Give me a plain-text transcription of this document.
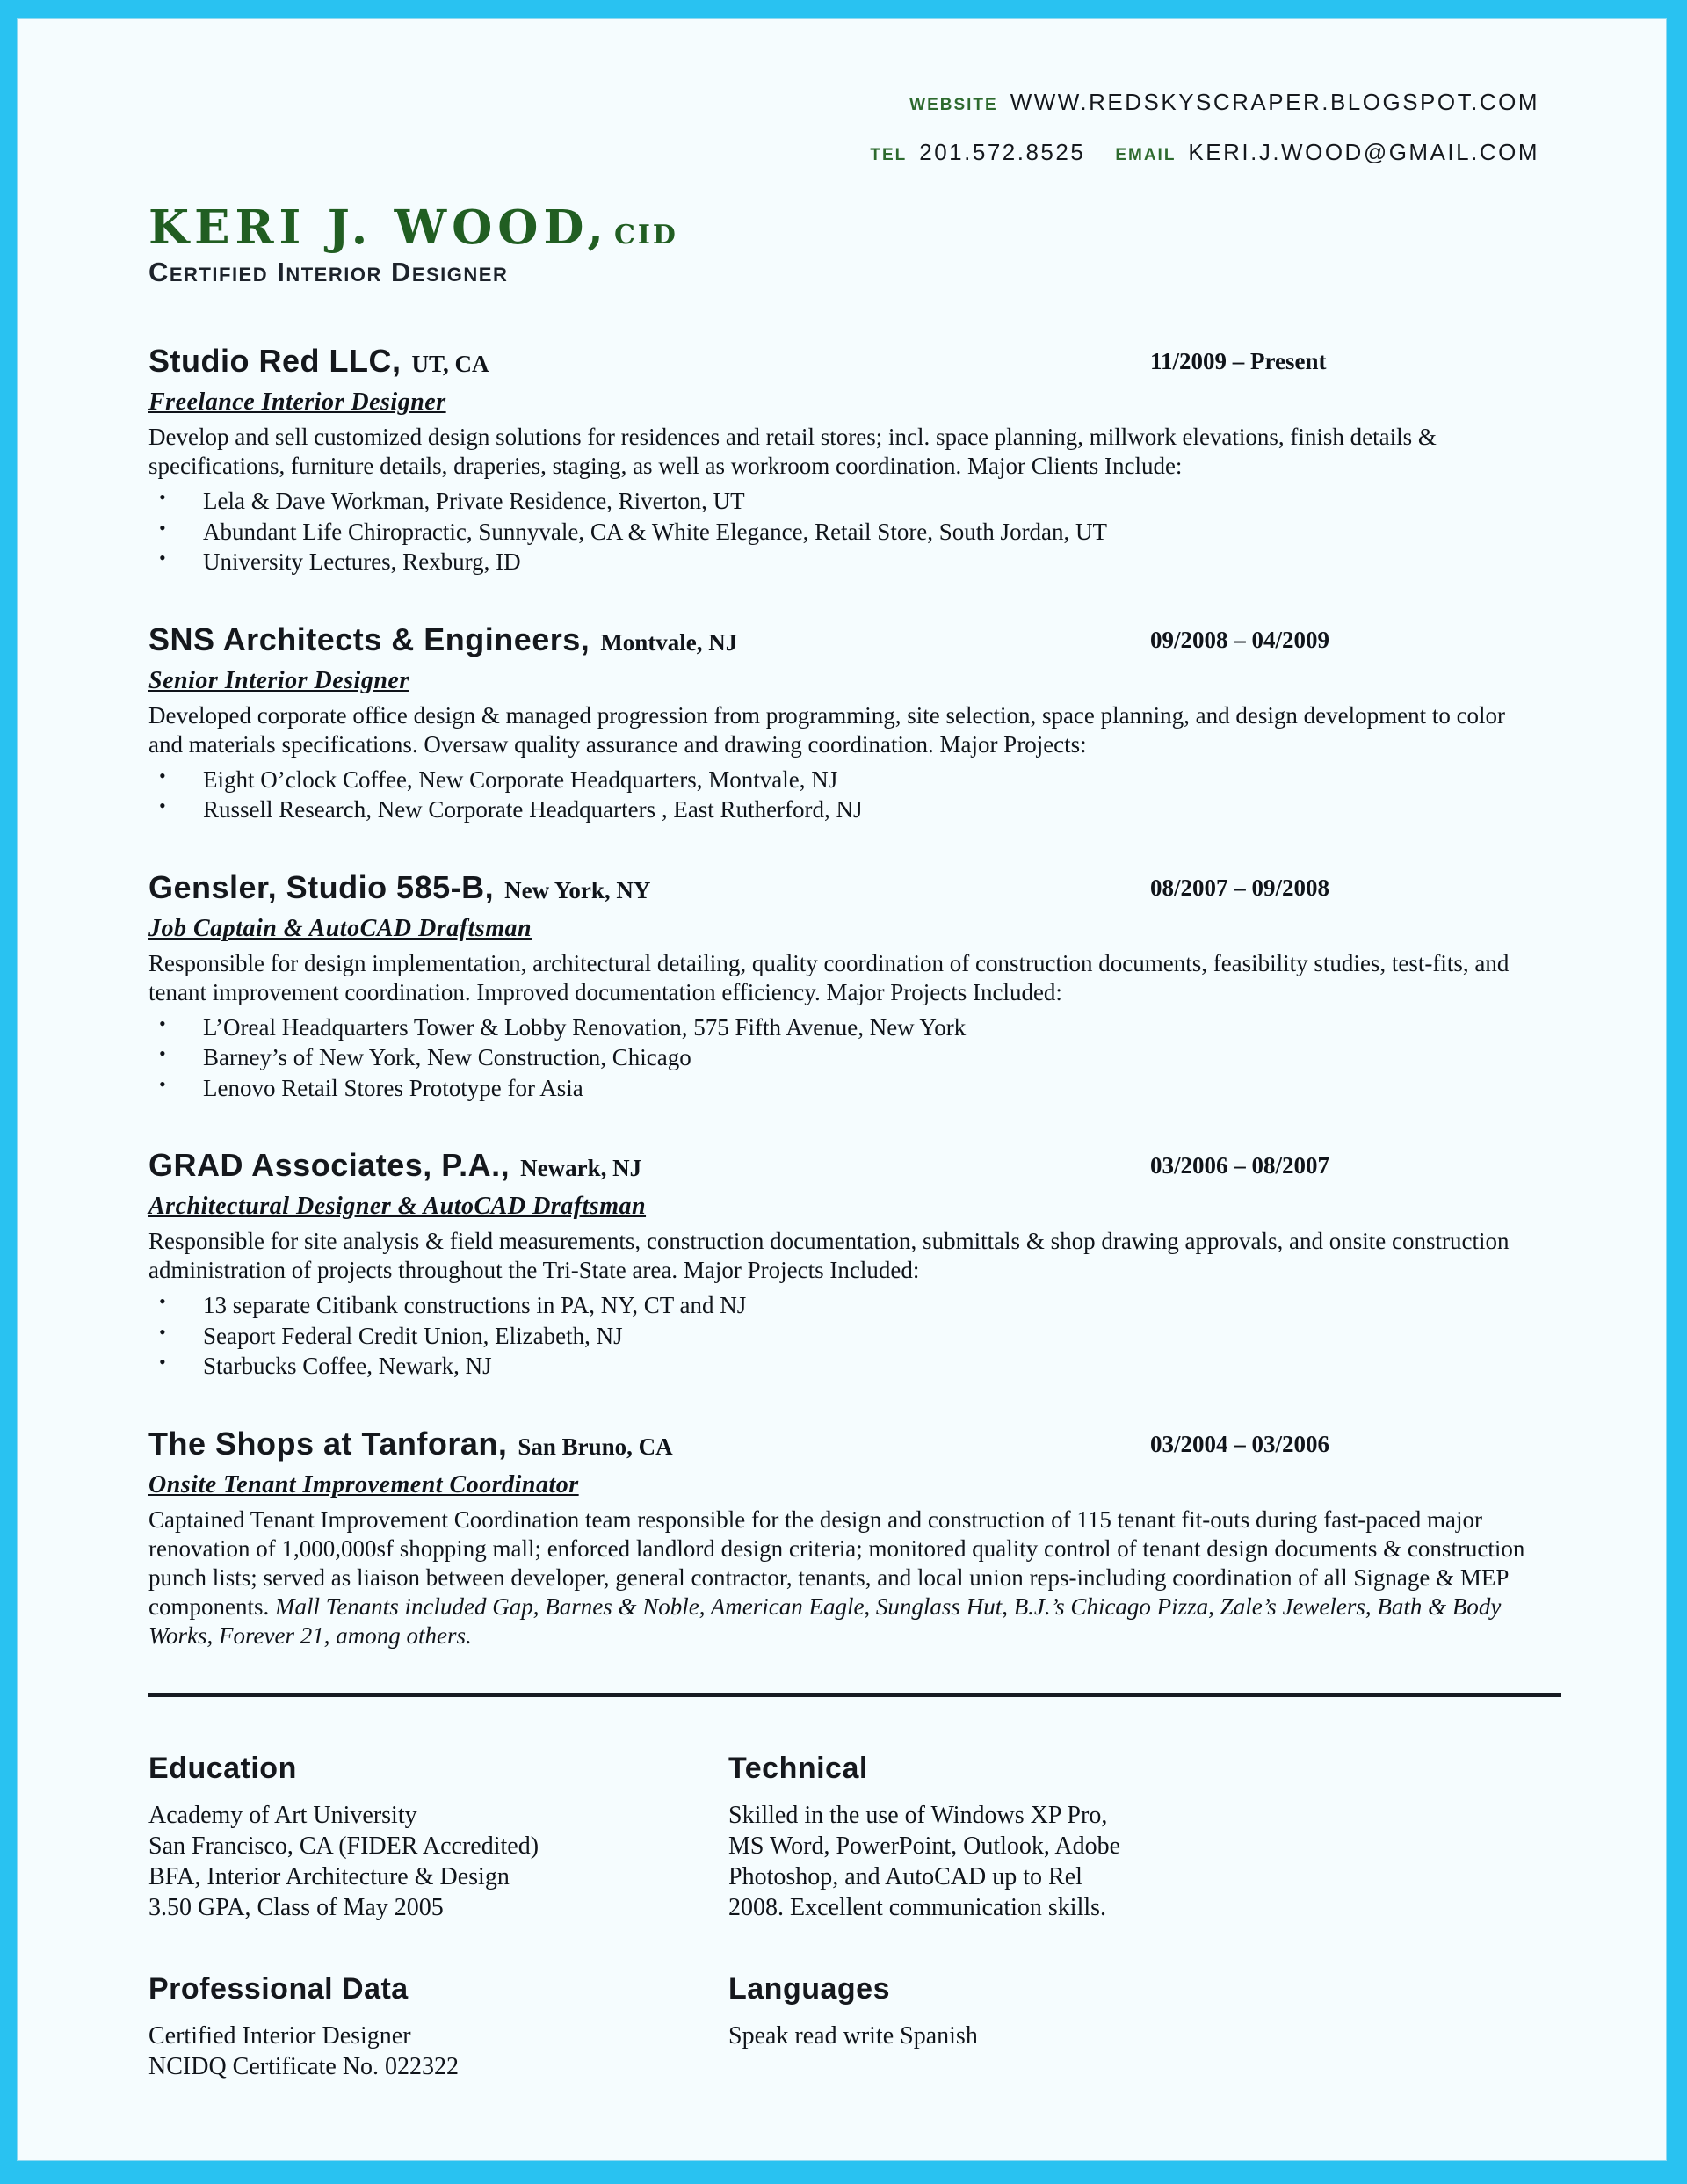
WEBSITE WWW.REDSKYSCRAPER.BLOGSPOT.COM
TEL 201.572.8525 EMAIL KERI.J.WOOD@GMAIL.COM
KERI J. WOOD, CID
Certified Interior Designer
Studio Red LLC, UT, CA	11/2009 – Present
Freelance Interior Designer
Develop and sell customized design solutions for residences and retail stores; incl. space planning, millwork elevations, finish details & specifications, furniture details, draperies, staging, as well as workroom coordination. Major Clients Include:
• Lela & Dave Workman, Private Residence, Riverton, UT
• Abundant Life Chiropractic, Sunnyvale, CA & White Elegance, Retail Store, South Jordan, UT
• University Lectures, Rexburg, ID
SNS Architects & Engineers, Montvale, NJ	09/2008 – 04/2009
Senior Interior Designer
Developed corporate office design & managed progression from programming, site selection, space planning, and design development to color and materials specifications. Oversaw quality assurance and drawing coordination. Major Projects:
• Eight O’clock Coffee, New Corporate Headquarters, Montvale, NJ
• Russell Research, New Corporate Headquarters , East Rutherford, NJ
Gensler, Studio 585-B, New York, NY	08/2007 – 09/2008
Job Captain & AutoCAD Draftsman
Responsible for design implementation, architectural detailing, quality coordination of construction documents, feasibility studies, test-fits, and tenant improvement coordination. Improved documentation efficiency. Major Projects Included:
• L’Oreal Headquarters Tower & Lobby Renovation, 575 Fifth Avenue, New York
• Barney’s of New York, New Construction, Chicago
• Lenovo Retail Stores Prototype for Asia
GRAD Associates, P.A., Newark, NJ	03/2006 – 08/2007
Architectural Designer & AutoCAD Draftsman
Responsible for site analysis & field measurements, construction documentation, submittals & shop drawing approvals, and onsite construction administration of projects throughout the Tri-State area. Major Projects Included:
• 13 separate Citibank constructions in PA, NY, CT and NJ
• Seaport Federal Credit Union, Elizabeth, NJ
• Starbucks Coffee, Newark, NJ
The Shops at Tanforan, San Bruno, CA	03/2004 – 03/2006
Onsite Tenant Improvement Coordinator
Captained Tenant Improvement Coordination team responsible for the design and construction of 115 tenant fit-outs during fast-paced major renovation of 1,000,000sf shopping mall; enforced landlord design criteria; monitored quality control of tenant design documents & construction punch lists; served as liaison between developer, general contractor, tenants, and local union reps-including coordination of all Signage & MEP components. Mall Tenants included Gap, Barnes & Noble, American Eagle, Sunglass Hut, B.J.’s Chicago Pizza, Zale’s Jewelers, Bath & Body Works, Forever 21, among others.
Education
Academy of Art University
San Francisco, CA (FIDER Accredited)
BFA, Interior Architecture & Design
3.50 GPA, Class of May 2005
Technical
Skilled in the use of Windows XP Pro,
MS Word, PowerPoint, Outlook, Adobe
Photoshop, and AutoCAD up to Rel
2008. Excellent communication skills.
Professional Data
Certified Interior Designer
NCIDQ Certificate No. 022322
Languages
Speak read write Spanish
